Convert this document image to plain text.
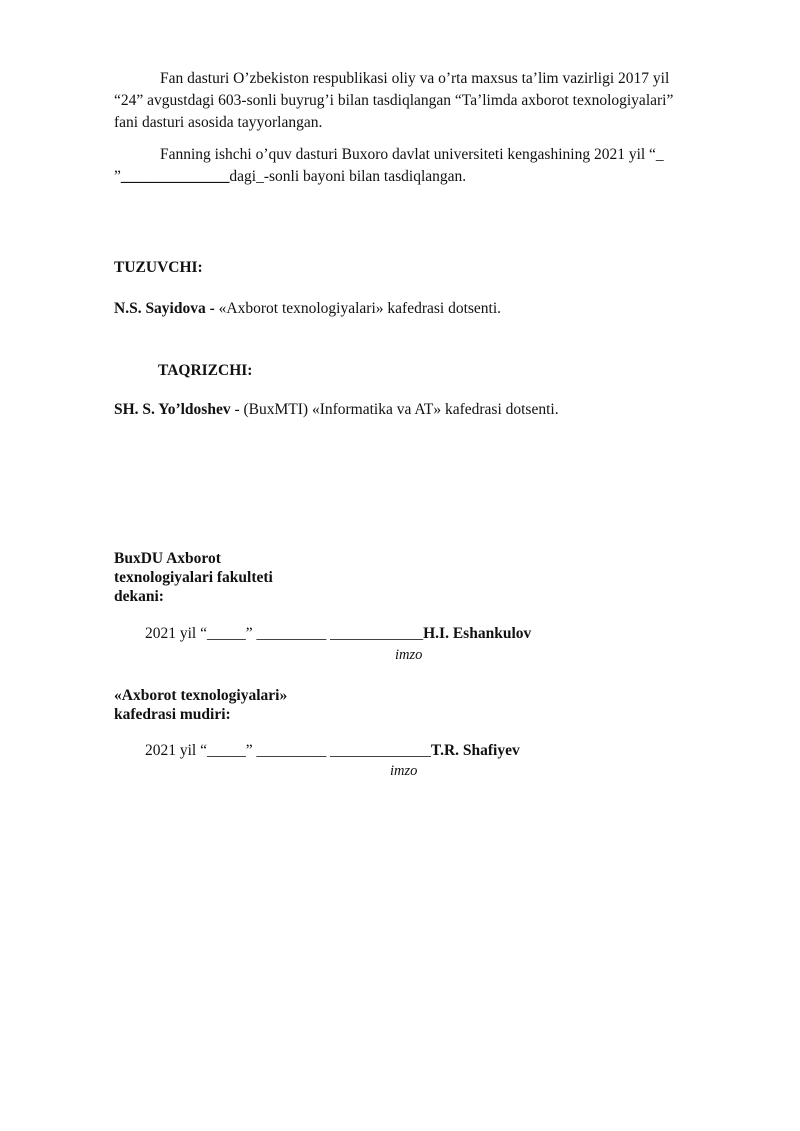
Fan dasturi O’zbekiston respublikasi oliy va o’rta maxsus ta’lim vazirligi 2017 yil
“24” avgustdagi 603-sonli buyrug’i bilan tasdiqlangan “Ta’limda axborot texnologiyalari”
fani dasturi asosida tayyorlangan.
Fanning ishchi o’quv dasturi Buxoro davlat universiteti kengashining 2021 yil “_
”______________dagi_-sonli bayoni bilan tasdiqlangan.
TUZUVCHI:
N.S. Sayidova - «Axborot texnologiyalari» kafedrasi dotsenti.
TAQRIZCHI:
SH. S. Yo’ldoshev - (BuxMTI) «Informatika va AT» kafedrasi dotsenti.
BuxDU Axborot
texnologiyalari fakulteti
dekani:
2021 yil “_____” _________ ____________H.I. Eshankulov
imzo
«Axborot texnologiyalari»
kafedrasi mudiri:
2021 yil “_____” _________ _____________T.R. Shafiyev
imzo
